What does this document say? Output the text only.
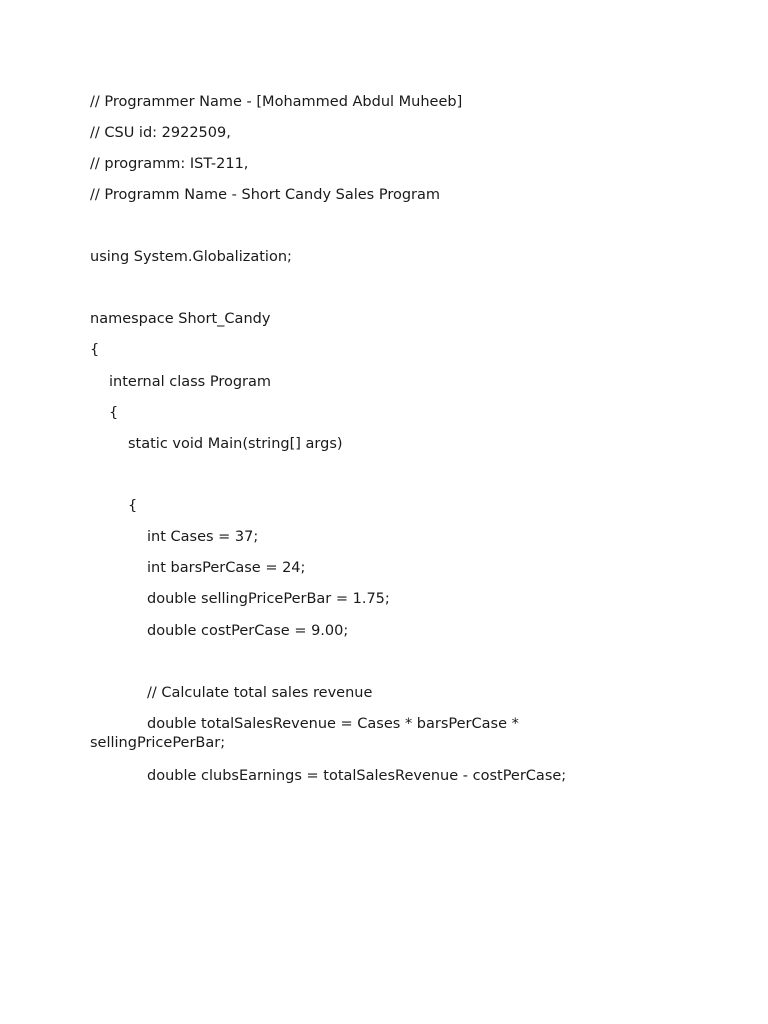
// Programmer Name - [Mohammed Abdul Muheeb]
// CSU id: 2922509,
// programm: IST-211,
// Programm Name - Short Candy Sales Program
using System.Globalization;
namespace Short_Candy
{
internal class Program
{
static void Main(string[] args)
{
int Cases = 37;
int barsPerCase = 24;
double sellingPricePerBar = 1.75;
double costPerCase = 9.00;
// Calculate total sales revenue
double totalSalesRevenue = Cases * barsPerCase *
sellingPricePerBar;
double clubsEarnings = totalSalesRevenue - costPerCase;
